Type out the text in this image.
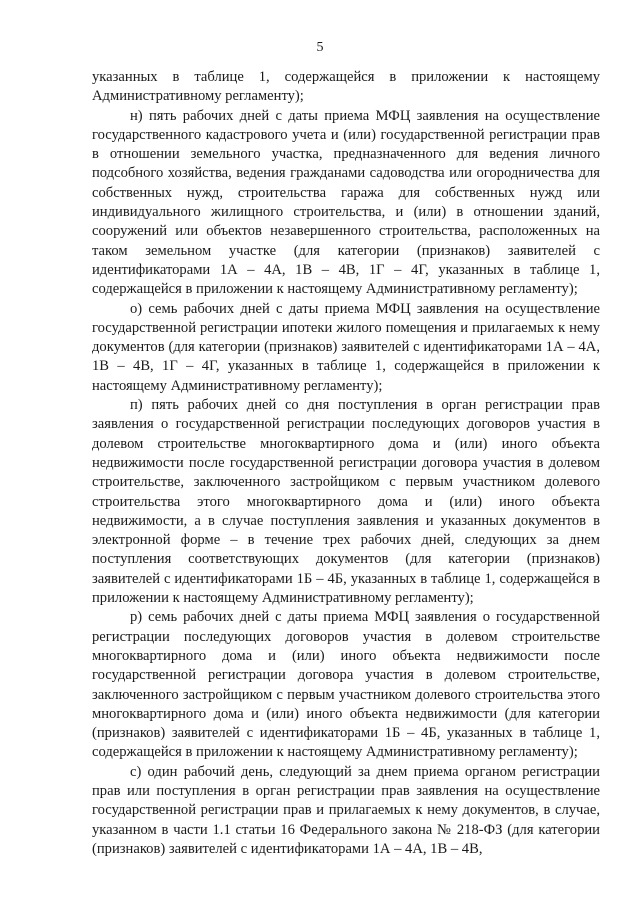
5

указанных в таблице 1, содержащейся в приложении к настоящему Административному регламенту);

н) пять рабочих дней с даты приема МФЦ заявления на осуществление государственного кадастрового учета и (или) государственной регистрации прав в отношении земельного участка, предназначенного для ведения личного подсобного хозяйства, ведения гражданами садоводства или огородничества для собственных нужд, строительства гаража для собственных нужд или индивидуального жилищного строительства, и (или) в отношении зданий, сооружений или объектов незавершенного строительства, расположенных на таком земельном участке (для категории (признаков) заявителей с идентификаторами 1А – 4А, 1В – 4В, 1Г – 4Г, указанных в таблице 1, содержащейся в приложении к настоящему Административному регламенту);

о) семь рабочих дней с даты приема МФЦ заявления на осуществление государственной регистрации ипотеки жилого помещения и прилагаемых к нему документов (для категории (признаков) заявителей с идентификаторами 1А – 4А, 1В – 4В, 1Г – 4Г, указанных в таблице 1, содержащейся в приложении к настоящему Административному регламенту);

п) пять рабочих дней со дня поступления в орган регистрации прав заявления о государственной регистрации последующих договоров участия в долевом строительстве многоквартирного дома и (или) иного объекта недвижимости после государственной регистрации договора участия в долевом строительстве, заключенного застройщиком с первым участником долевого строительства этого многоквартирного дома и (или) иного объекта недвижимости, а в случае поступления заявления и указанных документов в электронной форме – в течение трех рабочих дней, следующих за днем поступления соответствующих документов (для категории (признаков) заявителей с идентификаторами 1Б – 4Б, указанных в таблице 1, содержащейся в приложении к настоящему Административному регламенту);

р) семь рабочих дней с даты приема МФЦ заявления о государственной регистрации последующих договоров участия в долевом строительстве многоквартирного дома и (или) иного объекта недвижимости после государственной регистрации договора участия в долевом строительстве, заключенного застройщиком с первым участником долевого строительства этого многоквартирного дома и (или) иного объекта недвижимости (для категории (признаков) заявителей с идентификаторами 1Б – 4Б, указанных в таблице 1, содержащейся в приложении к настоящему Административному регламенту);

с) один рабочий день, следующий за днем приема органом регистрации прав или поступления в орган регистрации прав заявления на осуществление государственной регистрации прав и прилагаемых к нему документов, в случае, указанном в части 1.1 статьи 16 Федерального закона № 218-ФЗ (для категории (признаков) заявителей с идентификаторами 1А – 4А, 1В – 4В,
